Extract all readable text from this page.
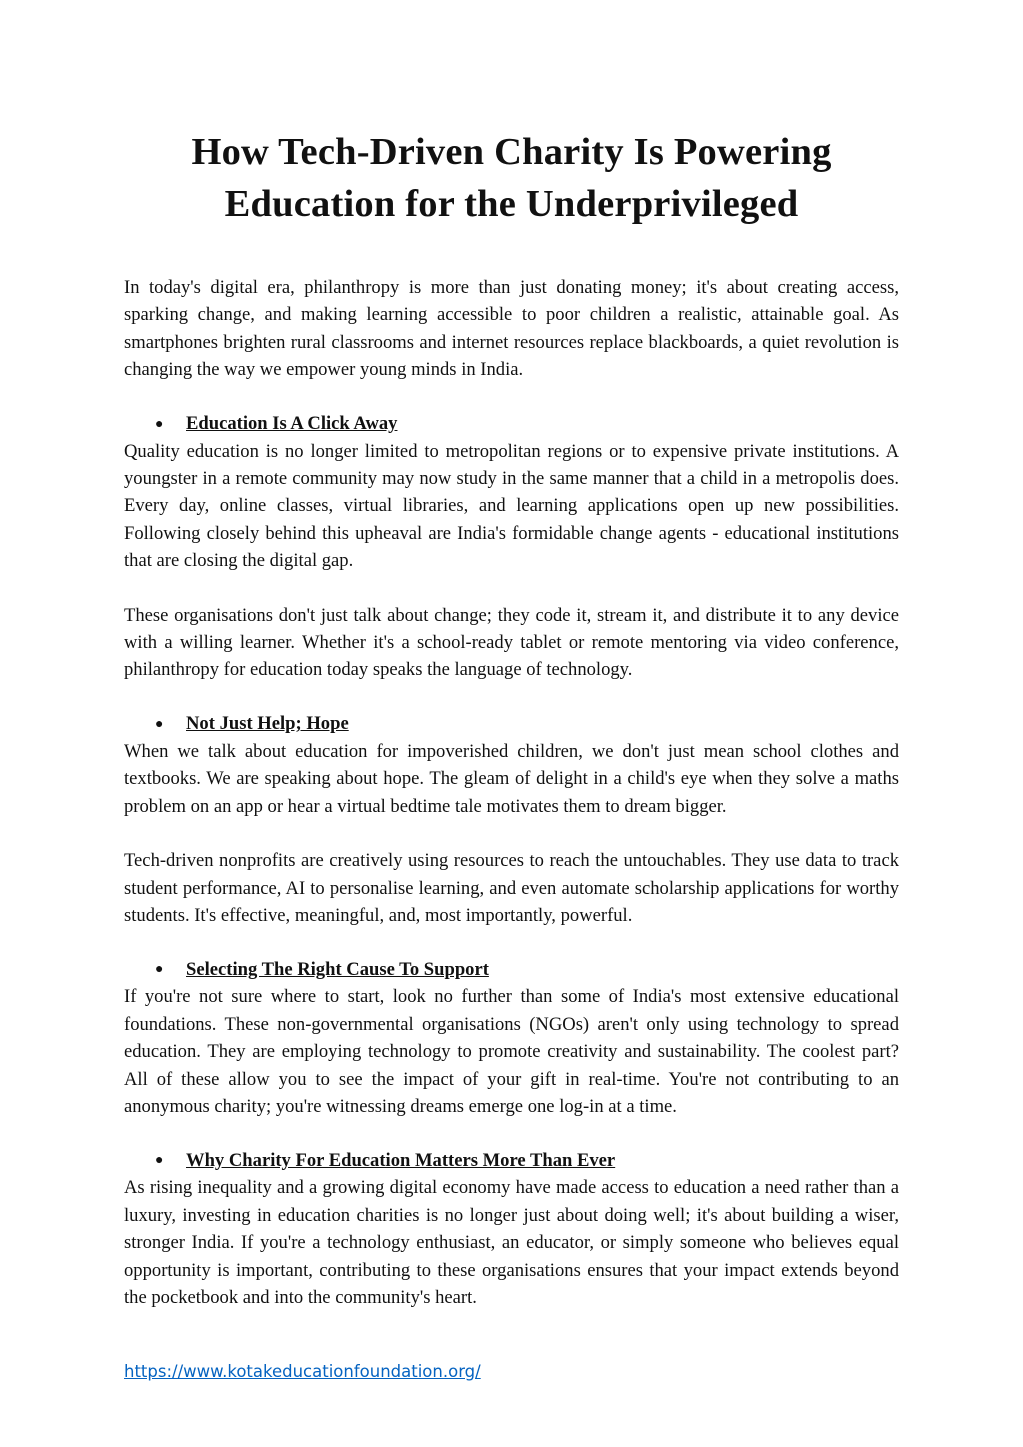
How Tech-Driven Charity Is Powering
Education for the Underprivileged

In today's digital era, philanthropy is more than just donating money; it's about creating access, sparking change, and making learning accessible to poor children a realistic, attainable goal. As smartphones brighten rural classrooms and internet resources replace blackboards, a quiet revolution is changing the way we empower young minds in India.

●	Education Is A Click Away

Quality education is no longer limited to metropolitan regions or to expensive private institutions. A youngster in a remote community may now study in the same manner that a child in a metropolis does. Every day, online classes, virtual libraries, and learning applications open up new possibilities. Following closely behind this upheaval are India's formidable change agents - educational institutions that are closing the digital gap.

These organisations don't just talk about change; they code it, stream it, and distribute it to any device with a willing learner. Whether it's a school-ready tablet or remote mentoring via video conference, philanthropy for education today speaks the language of technology.

●	Not Just Help; Hope

When we talk about education for impoverished children, we don't just mean school clothes and textbooks. We are speaking about hope. The gleam of delight in a child's eye when they solve a maths problem on an app or hear a virtual bedtime tale motivates them to dream bigger.

Tech-driven nonprofits are creatively using resources to reach the untouchables. They use data to track student performance, AI to personalise learning, and even automate scholarship applications for worthy students. It's effective, meaningful, and, most importantly, powerful.

●	Selecting The Right Cause To Support

If you're not sure where to start, look no further than some of India's most extensive educational foundations. These non-governmental organisations (NGOs) aren't only using technology to spread education. They are employing technology to promote creativity and sustainability. The coolest part? All of these allow you to see the impact of your gift in real-time. You're not contributing to an anonymous charity; you're witnessing dreams emerge one log-in at a time.

●	Why Charity For Education Matters More Than Ever

As rising inequality and a growing digital economy have made access to education a need rather than a luxury, investing in education charities is no longer just about doing well; it's about building a wiser, stronger India. If you're a technology enthusiast, an educator, or simply someone who believes equal opportunity is important, contributing to these organisations ensures that your impact extends beyond the pocketbook and into the community's heart.

https://www.kotakeducationfoundation.org/
